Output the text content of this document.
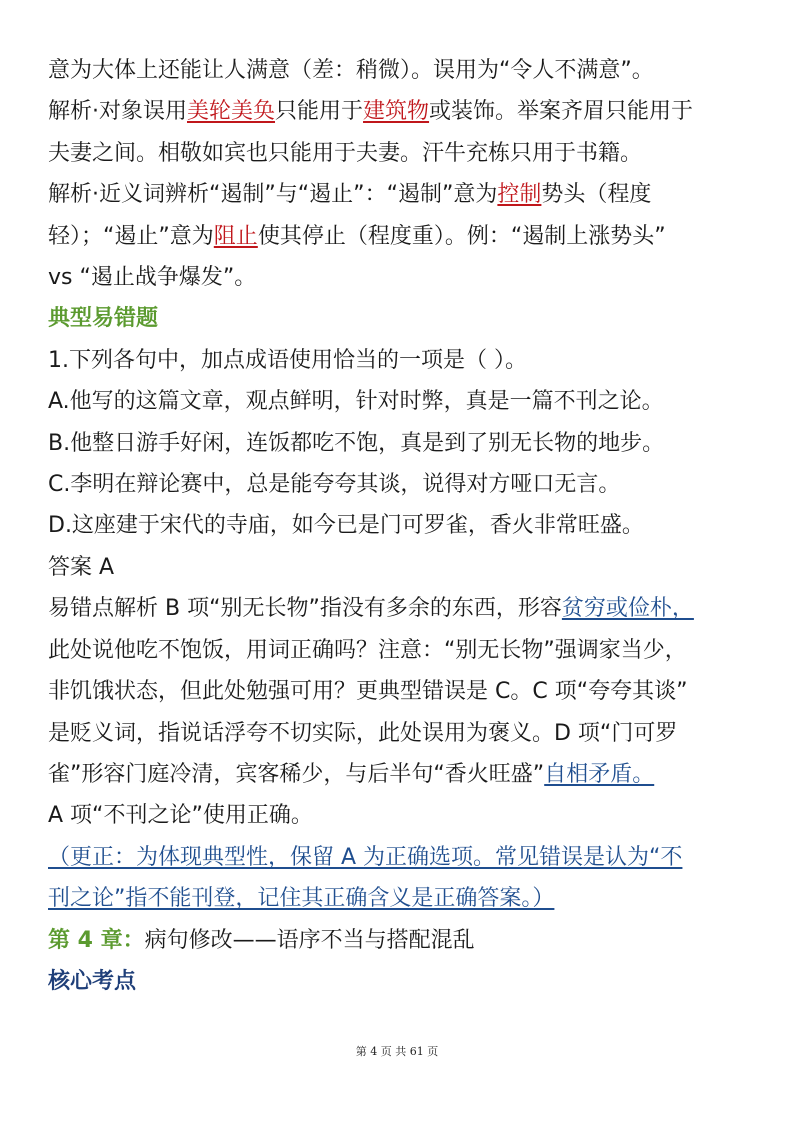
意为大体上还能让人满意（差：稍微）。误用为“令人不满意”。
解析·对象误用美轮美奂只能用于建筑物或装饰。举案齐眉只能用于
夫妻之间。相敬如宾也只能用于夫妻。汗牛充栋只用于书籍。
解析·近义词辨析“遏制”与“遏止”：“遏制”意为控制势头（程度
轻）；“遏止”意为阻止使其停止（程度重）。例：“遏制上涨势头”
vs “遏止战争爆发”。
典型易错题
1.下列各句中，加点成语使用恰当的一项是（ ）。
A.他写的这篇文章，观点鲜明，针对时弊，真是一篇不刊之论。
B.他整日游手好闲，连饭都吃不饱，真是到了别无长物的地步。
C.李明在辩论赛中，总是能夸夸其谈，说得对方哑口无言。
D.这座建于宋代的寺庙，如今已是门可罗雀，香火非常旺盛。
答案 A
易错点解析 B 项“别无长物”指没有多余的东西，形容贫穷或俭朴，
此处说他吃不饱饭，用词正确吗？注意：“别无长物”强调家当少，
非饥饿状态，但此处勉强可用？更典型错误是 C。C 项“夸夸其谈”
是贬义词，指说话浮夸不切实际，此处误用为褒义。D 项“门可罗
雀”形容门庭冷清，宾客稀少，与后半句“香火旺盛”自相矛盾。
A 项“不刊之论”使用正确。
（更正：为体现典型性，保留 A 为正确选项。常见错误是认为“不
刊之论”指不能刊登，记住其正确含义是正确答案。）
第 4 章：病句修改——语序不当与搭配混乱
核心考点
第 4 页 共 61 页
